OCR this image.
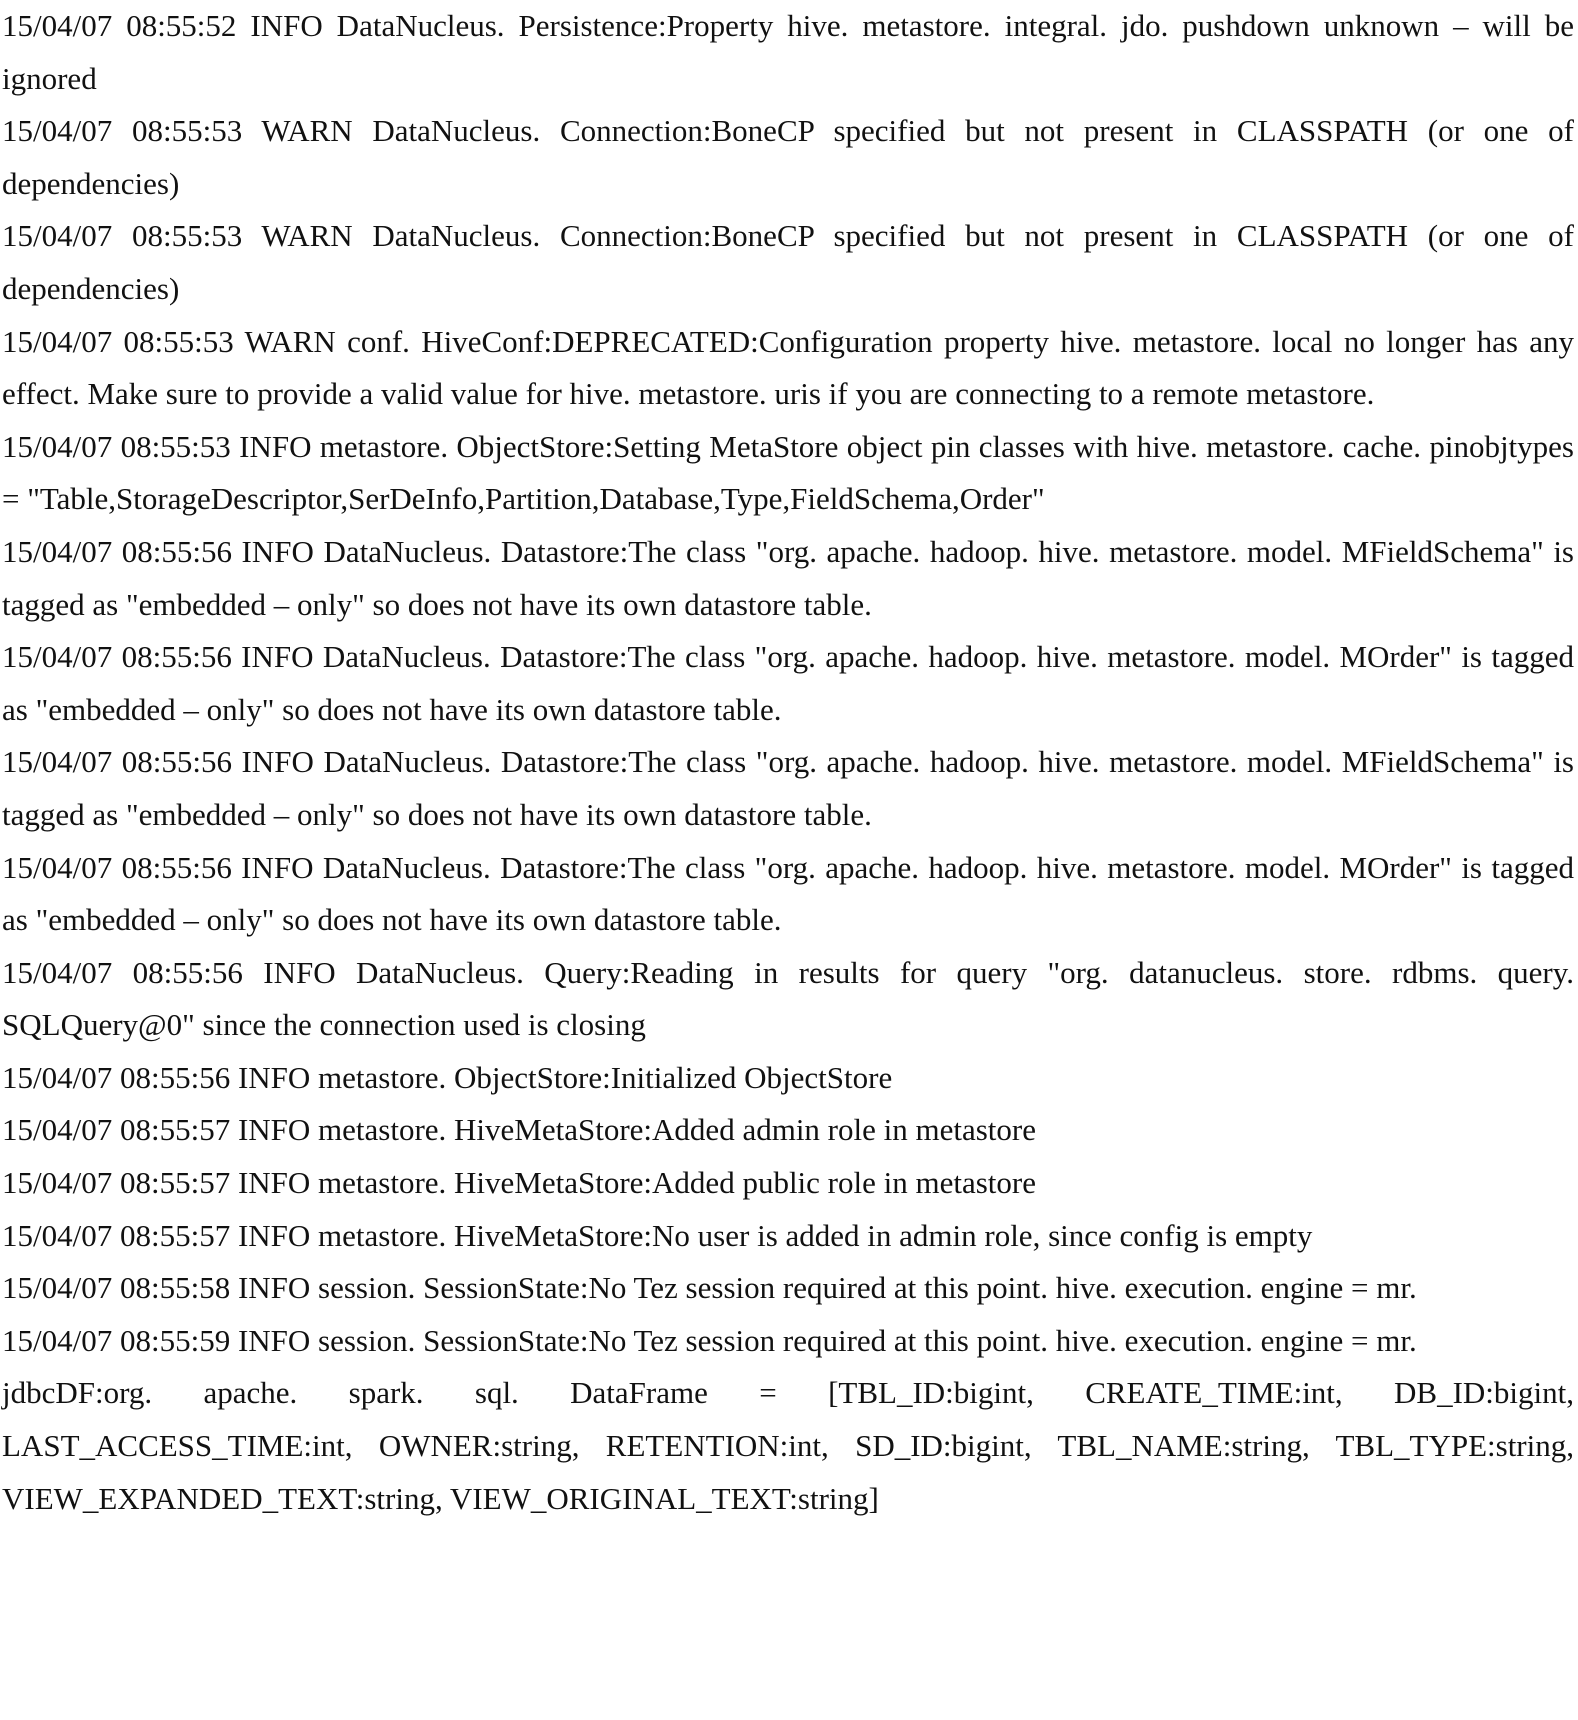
15/04/07 08:55:52 INFO DataNucleus. Persistence:Property hive. metastore. integral. jdo. pushdown unknown – will be ignored

15/04/07 08:55:53 WARN DataNucleus. Connection:BoneCP specified but not present in CLASSPATH (or one of dependencies)

15/04/07 08:55:53 WARN DataNucleus. Connection:BoneCP specified but not present in CLASSPATH (or one of dependencies)

15/04/07 08:55:53 WARN conf. HiveConf:DEPRECATED:Configuration property hive. metastore. local no longer has any effect. Make sure to provide a valid value for hive. metastore. uris if you are connecting to a remote metastore.

15/04/07 08:55:53 INFO metastore. ObjectStore:Setting MetaStore object pin classes with hive. metastore. cache. pinobjtypes = "Table,StorageDescriptor,SerDeInfo,Partition,Database,Type,FieldSchema,Order"

15/04/07 08:55:56 INFO DataNucleus. Datastore:The class "org. apache. hadoop. hive. metastore. model. MFieldSchema" is tagged as "embedded – only" so does not have its own datastore table.

15/04/07 08:55:56 INFO DataNucleus. Datastore:The class "org. apache. hadoop. hive. metastore. model. MOrder" is tagged as "embedded – only" so does not have its own datastore table.

15/04/07 08:55:56 INFO DataNucleus. Datastore:The class "org. apache. hadoop. hive. metastore. model. MFieldSchema" is tagged as "embedded – only" so does not have its own datastore table.

15/04/07 08:55:56 INFO DataNucleus. Datastore:The class "org. apache. hadoop. hive. metastore. model. MOrder" is tagged as "embedded – only" so does not have its own datastore table.

15/04/07 08:55:56 INFO DataNucleus. Query:Reading in results for query "org. datanucleus. store. rdbms. query. SQLQuery@0" since the connection used is closing

15/04/07 08:55:56 INFO metastore. ObjectStore:Initialized ObjectStore

15/04/07 08:55:57 INFO metastore. HiveMetaStore:Added admin role in metastore

15/04/07 08:55:57 INFO metastore. HiveMetaStore:Added public role in metastore

15/04/07 08:55:57 INFO metastore. HiveMetaStore:No user is added in admin role, since config is empty

15/04/07 08:55:58 INFO session. SessionState:No Tez session required at this point. hive. execution. engine = mr.

15/04/07 08:55:59 INFO session. SessionState:No Tez session required at this point. hive. execution. engine = mr.

jdbcDF:org. apache. spark. sql. DataFrame = [TBL_ID:bigint, CREATE_TIME:int, DB_ID:bigint, LAST_ACCESS_TIME:int, OWNER:string, RETENTION:int, SD_ID:bigint, TBL_NAME:string, TBL_TYPE:string, VIEW_EXPANDED_TEXT:string, VIEW_ORIGINAL_TEXT:string]
